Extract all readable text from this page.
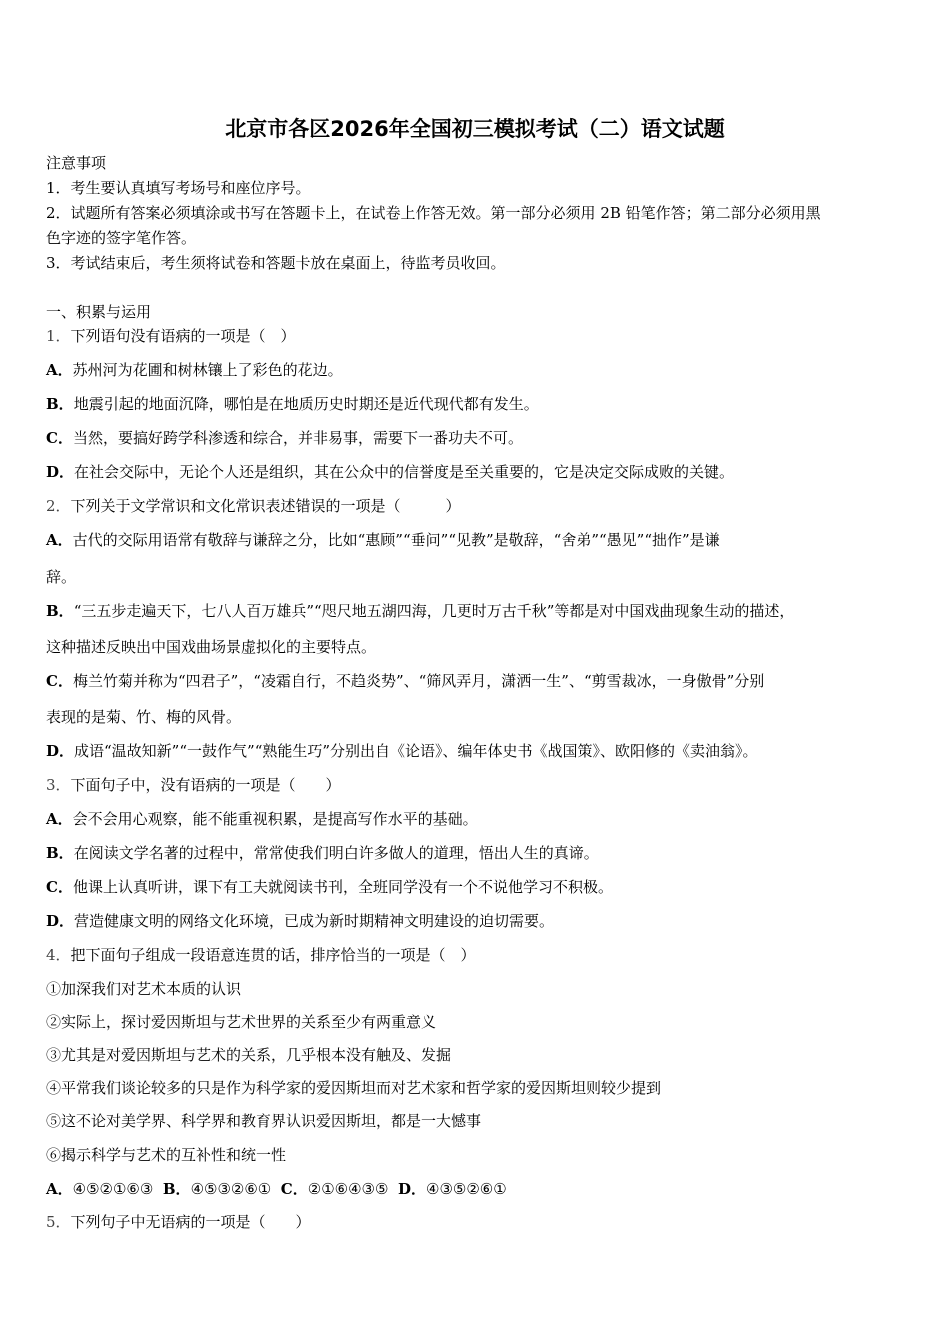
北京市各区2026年全国初三模拟考试（二）语文试题
注意事项
1．考生要认真填写考场号和座位序号。
2．试题所有答案必须填涂或书写在答题卡上，在试卷上作答无效。第一部分必须用 2B 铅笔作答；第二部分必须用黑
色字迹的签字笔作答。
3．考试结束后，考生须将试卷和答题卡放在桌面上，待监考员收回。
一、积累与运用
1．下列语句没有语病的一项是（　）
A．苏州河为花圃和树林镶上了彩色的花边。
B．地震引起的地面沉降，哪怕是在地质历史时期还是近代现代都有发生。
C．当然，要搞好跨学科渗透和综合，并非易事，需要下一番功夫不可。
D．在社会交际中，无论个人还是组织，其在公众中的信誉度是至关重要的，它是决定交际成败的关键。
2．下列关于文学常识和文化常识表述错误的一项是（　　　）
A．古代的交际用语常有敬辞与谦辞之分，比如“惠顾”“垂问”“见教”是敬辞，“舍弟”“愚见”“拙作”是谦
辞。
B．“三五步走遍天下，七八人百万雄兵”“咫尺地五湖四海，几更时万古千秋”等都是对中国戏曲现象生动的描述，
这种描述反映出中国戏曲场景虚拟化的主要特点。
C．梅兰竹菊并称为“四君子”，“凌霜自行，不趋炎势”、“筛风弄月，潇洒一生”、“剪雪裁冰，一身傲骨”分别
表现的是菊、竹、梅的风骨。
D．成语“温故知新”“一鼓作气”“熟能生巧”分别出自《论语》、编年体史书《战国策》、欧阳修的《卖油翁》。
3．下面句子中，没有语病的一项是（　　）
A．会不会用心观察，能不能重视积累，是提高写作水平的基础。
B．在阅读文学名著的过程中，常常使我们明白许多做人的道理，悟出人生的真谛。
C．他课上认真听讲，课下有工夫就阅读书刊，全班同学没有一个不说他学习不积极。
D．营造健康文明的网络文化环境，已成为新时期精神文明建设的迫切需要。
4．把下面句子组成一段语意连贯的话，排序恰当的一项是（　）
①加深我们对艺术本质的认识
②实际上，探讨爱因斯坦与艺术世界的关系至少有两重意义
③尤其是对爱因斯坦与艺术的关系，几乎根本没有触及、发掘
④平常我们谈论较多的只是作为科学家的爱因斯坦而对艺术家和哲学家的爱因斯坦则较少提到
⑤这不论对美学界、科学界和教育界认识爱因斯坦，都是一大憾事
⑥揭示科学与艺术的互补性和统一性
A．④⑤②①⑥③ B．④⑤③②⑥① C．②①⑥④③⑤ D．④③⑤②⑥①
5．下列句子中无语病的一项是（　　）
